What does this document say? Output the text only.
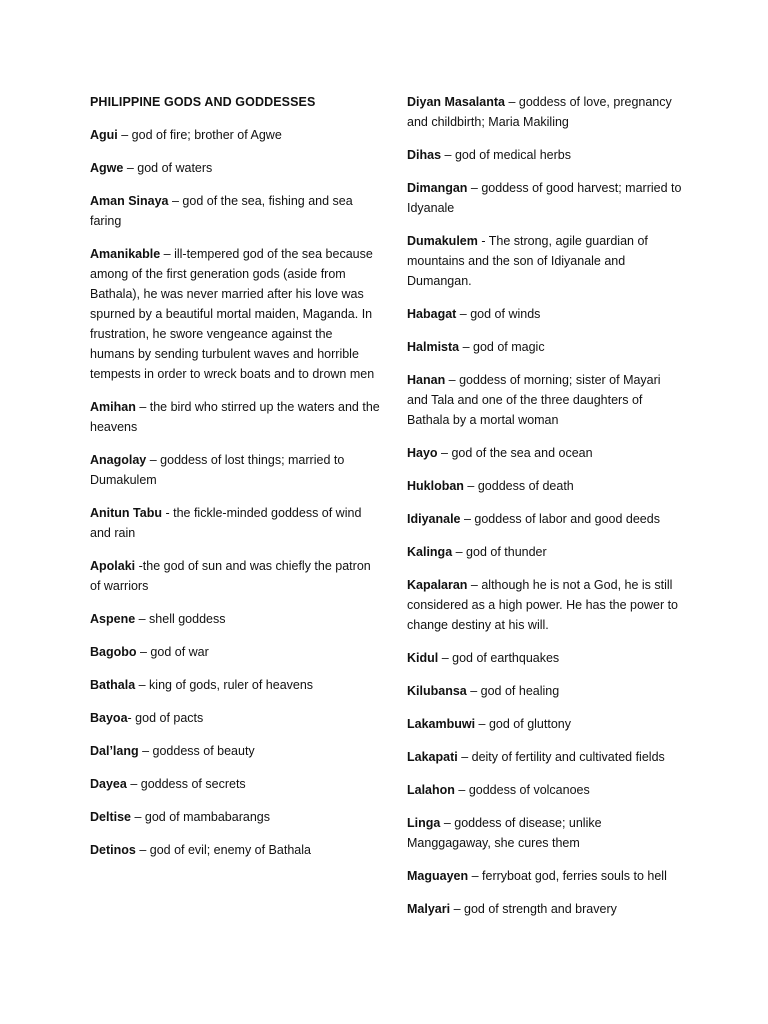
PHILIPPINE GODS AND GODDESSES

Agui – god of fire; brother of Agwe

Agwe – god of waters

Aman Sinaya – god of the sea, fishing and sea faring

Amanikable – ill-tempered god of the sea because among of the first generation gods (aside from Bathala), he was never married after his love was spurned by a beautiful mortal maiden, Maganda. In frustration, he swore vengeance against the humans by sending turbulent waves and horrible tempests in order to wreck boats and to drown men

Amihan – the bird who stirred up the waters and the heavens

Anagolay – goddess of lost things; married to Dumakulem

Anitun Tabu - the fickle-minded goddess of wind and rain

Apolaki -the god of sun and was chiefly the patron of warriors

Aspene – shell goddess

Bagobo – god of war

Bathala – king of gods, ruler of heavens

Bayoa- god of pacts

Dal’lang – goddess of beauty

Dayea – goddess of secrets

Deltise – god of mambabarangs

Detinos – god of evil; enemy of Bathala

Diyan Masalanta – goddess of love, pregnancy and childbirth; Maria Makiling

Dihas – god of medical herbs

Dimangan – goddess of good harvest; married to Idyanale

Dumakulem - The strong, agile guardian of mountains and the son of Idiyanale and Dumangan.

Habagat – god of winds

Halmista – god of magic

Hanan – goddess of morning; sister of Mayari and Tala and one of the three daughters of Bathala by a mortal woman

Hayo – god of the sea and ocean

Hukloban – goddess of death

Idiyanale – goddess of labor and good deeds

Kalinga – god of thunder

Kapalaran – although he is not a God, he is still considered as a high power. He has the power to change destiny at his will.

Kidul – god of earthquakes

Kilubansa – god of healing

Lakambuwi – god of gluttony

Lakapati – deity of fertility and cultivated fields

Lalahon – goddess of volcanoes

Linga – goddess of disease; unlike Manggagaway, she cures them

Maguayen – ferryboat god, ferries souls to hell

Malyari – god of strength and bravery
